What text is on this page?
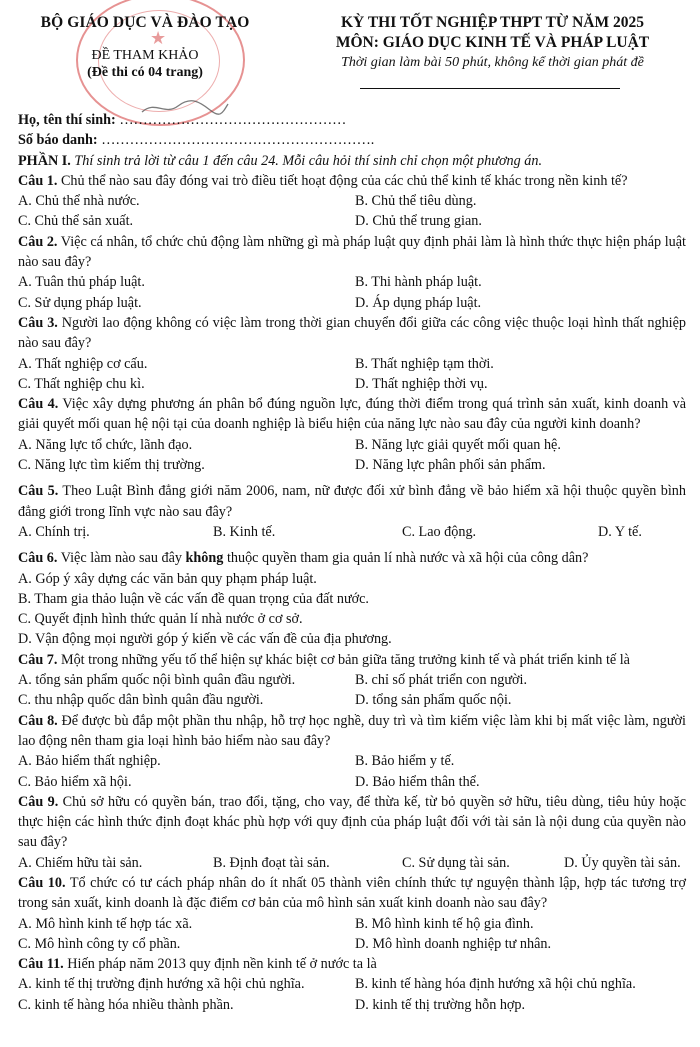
★
BỘ GIÁO DỤC VÀ ĐÀO TẠO
ĐỀ THAM KHẢO
(Đề thi có 04 trang)
KỲ THI TỐT NGHIỆP THPT TỪ NĂM 2025
MÔN: GIÁO DỤC KINH TẾ VÀ PHÁP LUẬT
Thời gian làm bài 50 phút, không kể thời gian phát đề

Họ, tên thí sinh: …………………………………………

Số báo danh: ………………………………………………….

PHẦN I. Thí sinh trả lời từ câu 1 đến câu 24. Mỗi câu hỏi thí sinh chỉ chọn một phương án.

Câu 1. Chủ thể nào sau đây đóng vai trò điều tiết hoạt động của các chủ thể kinh tế khác trong nền kinh tế?

A. Chủ thể nhà nước.	B. Chủ thể tiêu dùng.
C. Chủ thể sản xuất.	D. Chủ thể trung gian.

Câu 2. Việc cá nhân, tổ chức chủ động làm những gì mà pháp luật quy định phải làm là hình thức thực hiện pháp luật nào sau đây?

A. Tuân thủ pháp luật.	B. Thi hành pháp luật.
C. Sử dụng pháp luật.	D. Áp dụng pháp luật.

Câu 3. Người lao động không có việc làm trong thời gian chuyển đổi giữa các công việc thuộc loại hình thất nghiệp nào sau đây?

A. Thất nghiệp cơ cấu.	B. Thất nghiệp tạm thời.
C. Thất nghiệp chu kì.	D. Thất nghiệp thời vụ.

Câu 4. Việc xây dựng phương án phân bổ đúng nguồn lực, đúng thời điểm trong quá trình sản xuất, kinh doanh và giải quyết mối quan hệ nội tại của doanh nghiệp là biểu hiện của năng lực nào sau đây của người kinh doanh?

A. Năng lực tổ chức, lãnh đạo.	B. Năng lực giải quyết mối quan hệ.
C. Năng lực tìm kiếm thị trường.	D. Năng lực phân phối sản phẩm.

Câu 5. Theo Luật Bình đẳng giới năm 2006, nam, nữ được đối xử bình đẳng về bảo hiểm xã hội thuộc quyền bình đẳng giới trong lĩnh vực nào sau đây?

A. Chính trị.	B. Kinh tế.	C. Lao động.	D. Y tế.

Câu 6. Việc làm nào sau đây không thuộc quyền tham gia quản lí nhà nước và xã hội của công dân?

A. Góp ý xây dựng các văn bản quy phạm pháp luật.
B. Tham gia thảo luận về các vấn đề quan trọng của đất nước.
C. Quyết định hình thức quản lí nhà nước ở cơ sở.
D. Vận động mọi người góp ý kiến về các vấn đề của địa phương.

Câu 7. Một trong những yếu tố thể hiện sự khác biệt cơ bản giữa tăng trưởng kinh tế và phát triển kinh tế là

A. tổng sản phẩm quốc nội bình quân đầu người.	B. chỉ số phát triển con người.
C. thu nhập quốc dân bình quân đầu người.	D. tổng sản phẩm quốc nội.

Câu 8. Để được bù đắp một phần thu nhập, hỗ trợ học nghề, duy trì và tìm kiếm việc làm khi bị mất việc làm, người lao động nên tham gia loại hình bảo hiểm nào sau đây?

A. Bảo hiểm thất nghiệp.	B. Bảo hiểm y tế.
C. Bảo hiểm xã hội.	D. Bảo hiểm thân thể.

Câu 9. Chủ sở hữu có quyền bán, trao đổi, tặng, cho vay, để thừa kế, từ bỏ quyền sở hữu, tiêu dùng, tiêu hủy hoặc thực hiện các hình thức định đoạt khác phù hợp với quy định của pháp luật đối với tài sản là nội dung của quyền nào sau đây?

A. Chiếm hữu tài sản.	B. Định đoạt tài sản.	C. Sử dụng tài sản.	D. Ủy quyền tài sản.

Câu 10. Tổ chức có tư cách pháp nhân do ít nhất 05 thành viên chính thức tự nguyện thành lập, hợp tác tương trợ trong sản xuất, kinh doanh là đặc điểm cơ bản của mô hình sản xuất kinh doanh nào sau đây?

A. Mô hình kinh tế hợp tác xã.	B. Mô hình kinh tế hộ gia đình.
C. Mô hình công ty cổ phần.	D. Mô hình doanh nghiệp tư nhân.

Câu 11. Hiến pháp năm 2013 quy định nền kinh tế ở nước ta là

A. kinh tế thị trường định hướng xã hội chủ nghĩa.	B. kinh tế hàng hóa định hướng xã hội chủ nghĩa.
C. kinh tế hàng hóa nhiều thành phần.	D. kinh tế thị trường hỗn hợp.
